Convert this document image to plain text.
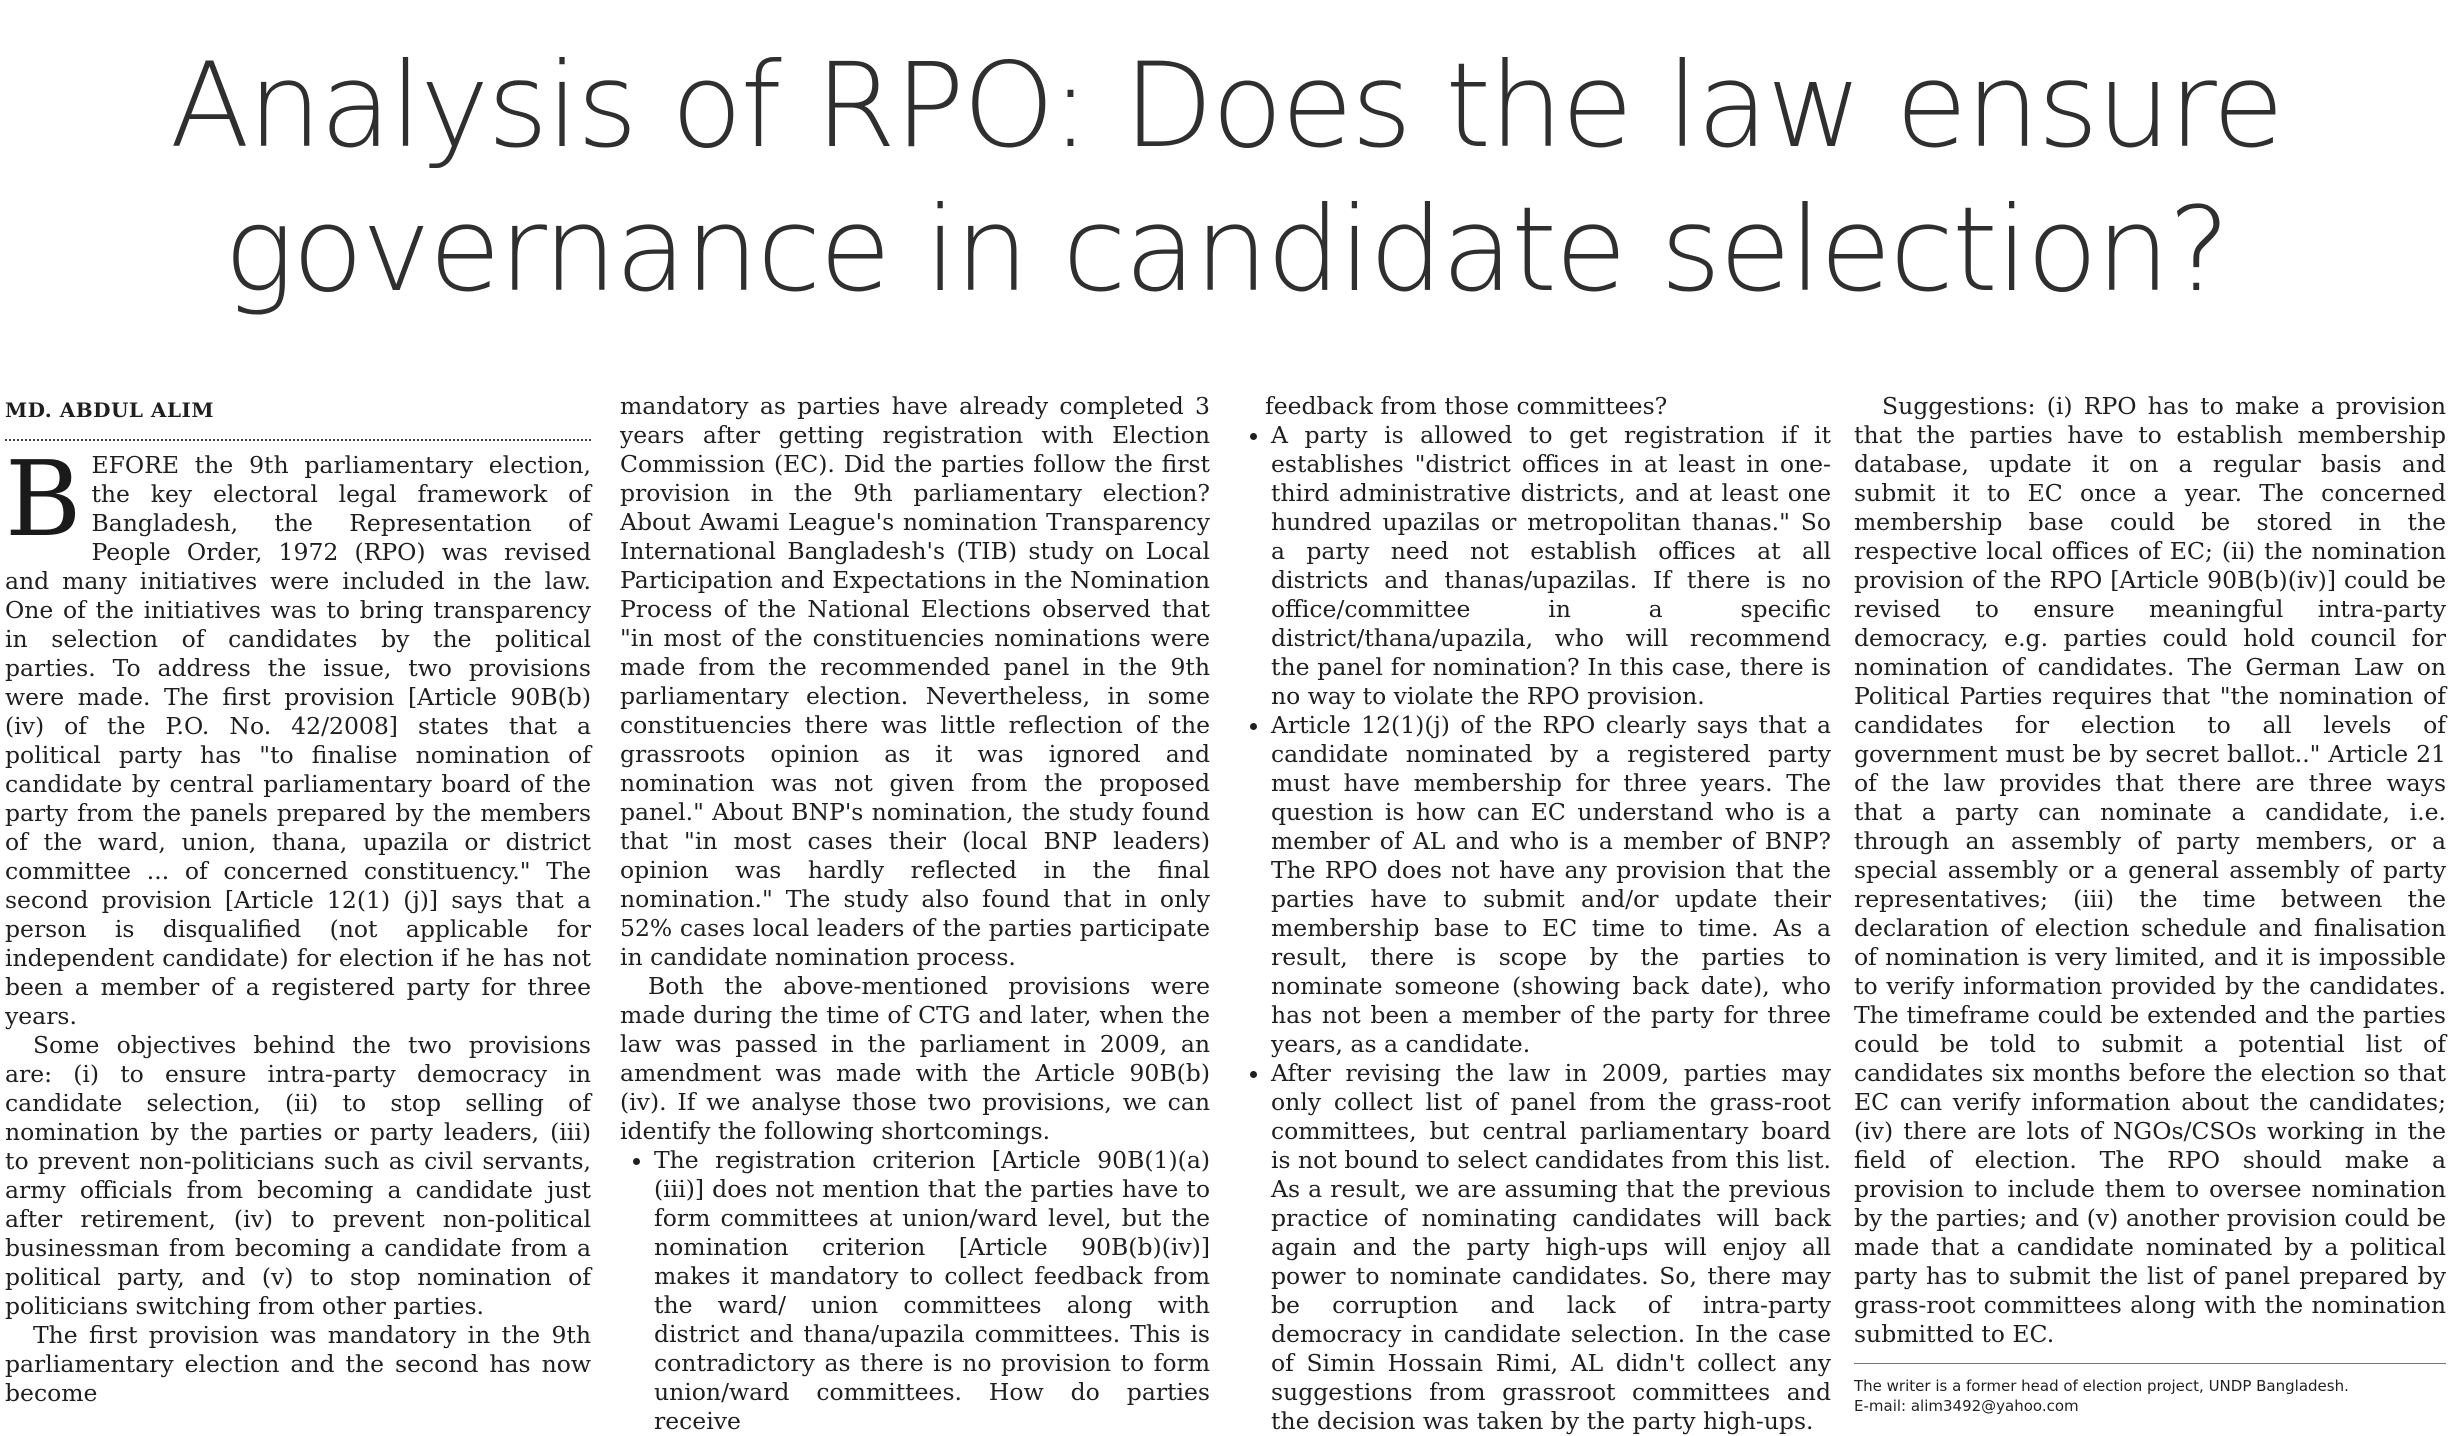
Analysis of RPO: Does the law ensure
governance in candidate selection?
MD. ABDUL ALIM

BEFORE the 9th parliamentary election, the key electoral legal framework of Bangladesh, the Representation of People Order, 1972 (RPO) was revised and many initiatives were included in the law. One of the initiatives was to bring transparency in selection of candidates by the political parties. To address the issue, two provisions were made. The first provision [Article 90B(b)(iv) of the P.O. No. 42/2008] states that a political party has "to finalise nomination of candidate by central parliamentary board of the party from the panels prepared by the members of the ward, union, thana, upazila or district committee ... of concerned constituency." The second provision [Article 12(1) (j)] says that a person is disqualified (not applicable for independent candidate) for election if he has not been a member of a registered party for three years.

Some objectives behind the two provisions are: (i) to ensure intra-party democracy in candidate selection, (ii) to stop selling of nomination by the parties or party leaders, (iii) to prevent non-politicians such as civil servants, army officials from becoming a candidate just after retirement, (iv) to prevent non-political businessman from becoming a candidate from a political party, and (v) to stop nomination of politicians switching from other parties.

The first provision was mandatory in the 9th parliamentary election and the second has now become

mandatory as parties have already completed 3 years after getting registration with Election Commission (EC). Did the parties follow the first provision in the 9th parliamentary election? About Awami League's nomination Transparency International Bangladesh's (TIB) study on Local Participation and Expectations in the Nomination Process of the National Elections observed that "in most of the constituencies nominations were made from the recommended panel in the 9th parliamentary election. Nevertheless, in some constituencies there was little reflection of the grassroots opinion as it was ignored and nomination was not given from the proposed panel." About BNP's nomination, the study found that "in most cases their (local BNP leaders) opinion was hardly reflected in the final nomination." The study also found that in only 52% cases local leaders of the parties participate in candidate nomination process.

Both the above-mentioned provisions were made during the time of CTG and later, when the law was passed in the parliament in 2009, an amendment was made with the Article 90B(b)(iv). If we analyse those two provisions, we can identify the following shortcomings.

• The registration criterion [Article 90B(1)(a)(iii)] does not mention that the parties have to form committees at union/ward level, but the nomination criterion [Article 90B(b)(iv)] makes it mandatory to collect feedback from the ward/ union committees along with district and thana/upazila committees. This is contradictory as there is no provision to form union/ward committees. How do parties receive

feedback from those committees?

• A party is allowed to get registration if it establishes "district offices in at least in one-third administrative districts, and at least one hundred upazilas or metropolitan thanas." So a party need not establish offices at all districts and thanas/upazilas. If there is no office/committee in a specific district/thana/upazila, who will recommend the panel for nomination? In this case, there is no way to violate the RPO provision.
• Article 12(1)(j) of the RPO clearly says that a candidate nominated by a registered party must have membership for three years. The question is how can EC understand who is a member of AL and who is a member of BNP? The RPO does not have any provision that the parties have to submit and/or update their membership base to EC time to time. As a result, there is scope by the parties to nominate someone (showing back date), who has not been a member of the party for three years, as a candidate.
• After revising the law in 2009, parties may only collect list of panel from the grass-root committees, but central parliamentary board is not bound to select candidates from this list. As a result, we are assuming that the previous practice of nominating candidates will back again and the party high-ups will enjoy all power to nominate candidates. So, there may be corruption and lack of intra-party democracy in candidate selection. In the case of Simin Hossain Rimi, AL didn't collect any suggestions from grassroot committees and the decision was taken by the party high-ups.

Suggestions: (i) RPO has to make a provision that the parties have to establish membership database, update it on a regular basis and submit it to EC once a year. The concerned membership base could be stored in the respective local offices of EC; (ii) the nomination provision of the RPO [Article 90B(b)(iv)] could be revised to ensure meaningful intra-party democracy, e.g. parties could hold council for nomination of candidates. The German Law on Political Parties requires that "the nomination of candidates for election to all levels of government must be by secret ballot.." Article 21 of the law provides that there are three ways that a party can nominate a candidate, i.e. through an assembly of party members, or a special assembly or a general assembly of party representatives; (iii) the time between the declaration of election schedule and finalisation of nomination is very limited, and it is impossible to verify information provided by the candidates. The timeframe could be extended and the parties could be told to submit a potential list of candidates six months before the election so that EC can verify information about the candidates; (iv) there are lots of NGOs/CSOs working in the field of election. The RPO should make a provision to include them to oversee nomination by the parties; and (v) another provision could be made that a candidate nominated by a political party has to submit the list of panel prepared by grass-root committees along with the nomination submitted to EC.

The writer is a former head of election project, UNDP Bangladesh.
E-mail: alim3492@yahoo.com
